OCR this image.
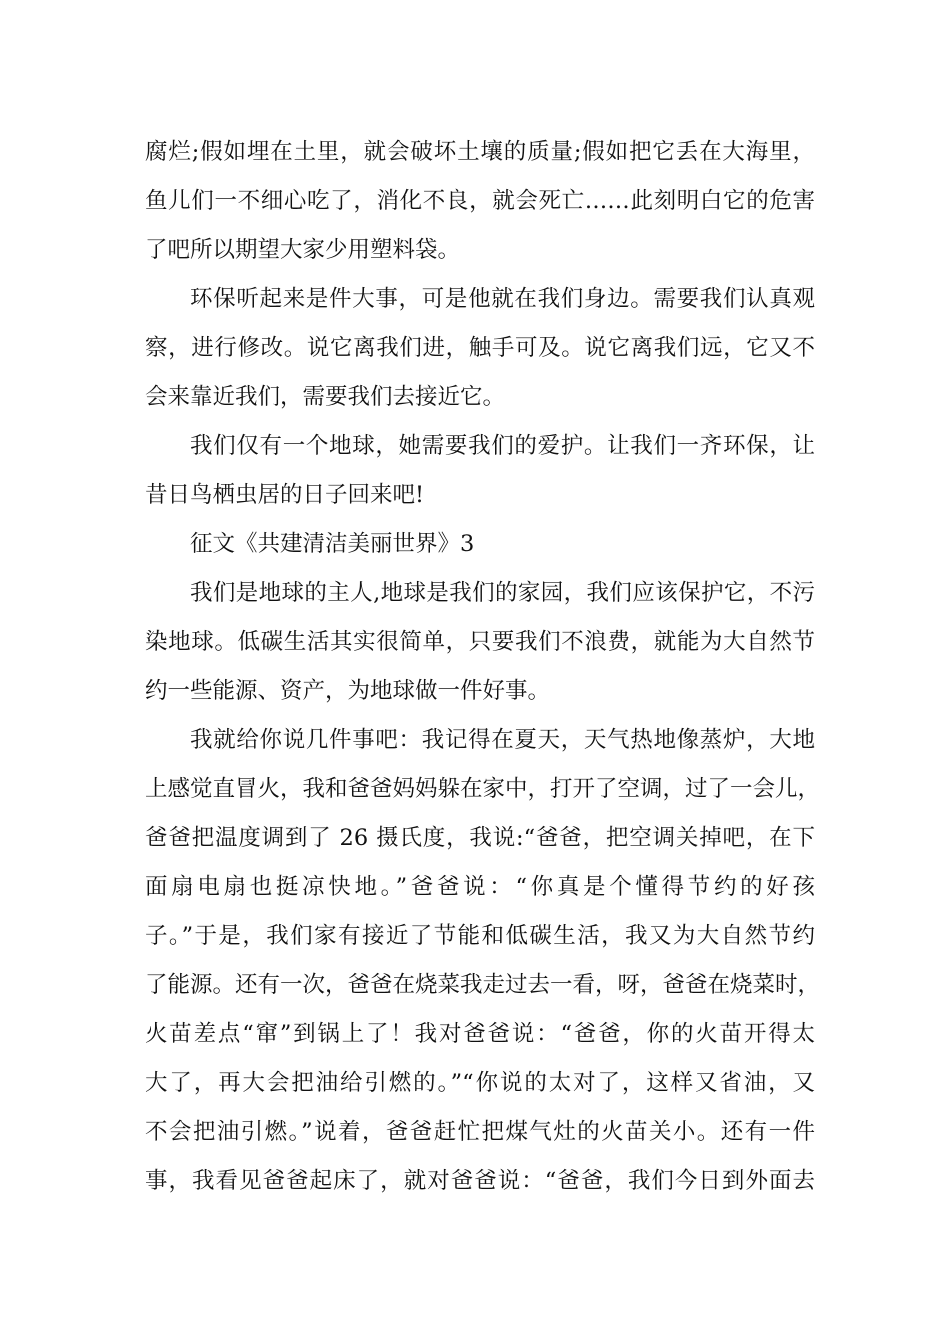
腐烂;假如埋在土里，就会破坏土壤的质量;假如把它丢在大海里，
鱼儿们一不细心吃了，消化不良，就会死亡……此刻明白它的危害
了吧所以期望大家少用塑料袋。
环保听起来是件大事，可是他就在我们身边。需要我们认真观
察，进行修改。说它离我们进，触手可及。说它离我们远，它又不
会来靠近我们，需要我们去接近它。
我们仅有一个地球，她需要我们的爱护。让我们一齐环保，让
昔日鸟栖虫居的日子回来吧!
征文《共建清洁美丽世界》3
我们是地球的主人,地球是我们的家园，我们应该保护它，不污
染地球。低碳生活其实很简单，只要我们不浪费，就能为大自然节
约一些能源、资产，为地球做一件好事。
我就给你说几件事吧：我记得在夏天，天气热地像蒸炉，大地
上感觉直冒火，我和爸爸妈妈躲在家中，打开了空调，过了一会儿，
爸爸把温度调到了 26 摄氏度，我说:“爸爸，把空调关掉吧，在下
面扇电扇也挺凉快地。”爸爸说：“你真是个懂得节约的好孩
子。”于是，我们家有接近了节能和低碳生活，我又为大自然节约
了能源。还有一次，爸爸在烧菜我走过去一看，呀，爸爸在烧菜时，
火苗差点“窜”到锅上了！我对爸爸说：“爸爸，你的火苗开得太
大了，再大会把油给引燃的。”“你说的太对了，这样又省油，又
不会把油引燃。”说着，爸爸赶忙把煤气灶的火苗关小。还有一件
事，我看见爸爸起床了，就对爸爸说：“爸爸，我们今日到外面去
